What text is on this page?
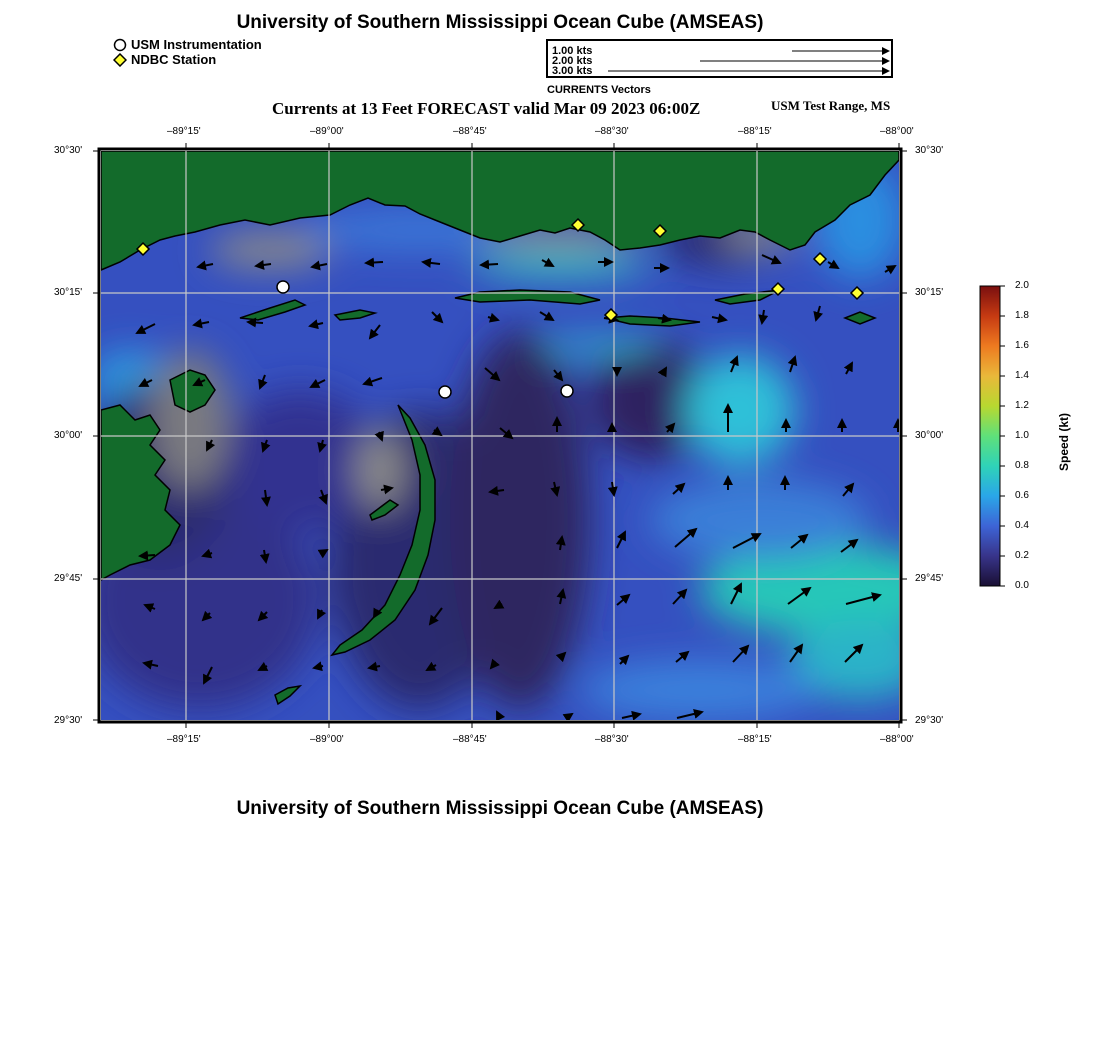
University of Southern Mississippi Ocean Cube (AMSEAS)
USM Instrumentation
NDBC Station
1.00 kts
2.00 kts
3.00 kts
CURRENTS Vectors
Currents at 13 Feet FORECAST valid Mar 09 2023 06:00Z	USM Test Range, MS
–89°15'	–89°00'	–88°45'	–88°30'	–88°15'	–88°00'
–89°15'	–89°00'	–88°45'	–88°30'	–88°15'	–88°00'
30°30'
30°15'
30°00'
29°45'
29°30'
30°30'
30°15'
30°00'
29°45'
29°30'
2.0
1.8
1.6
1.4
1.2
1.0
0.8
0.6
0.4
0.2
0.0
Speed (kt)
University of Southern Mississippi Ocean Cube (AMSEAS)
